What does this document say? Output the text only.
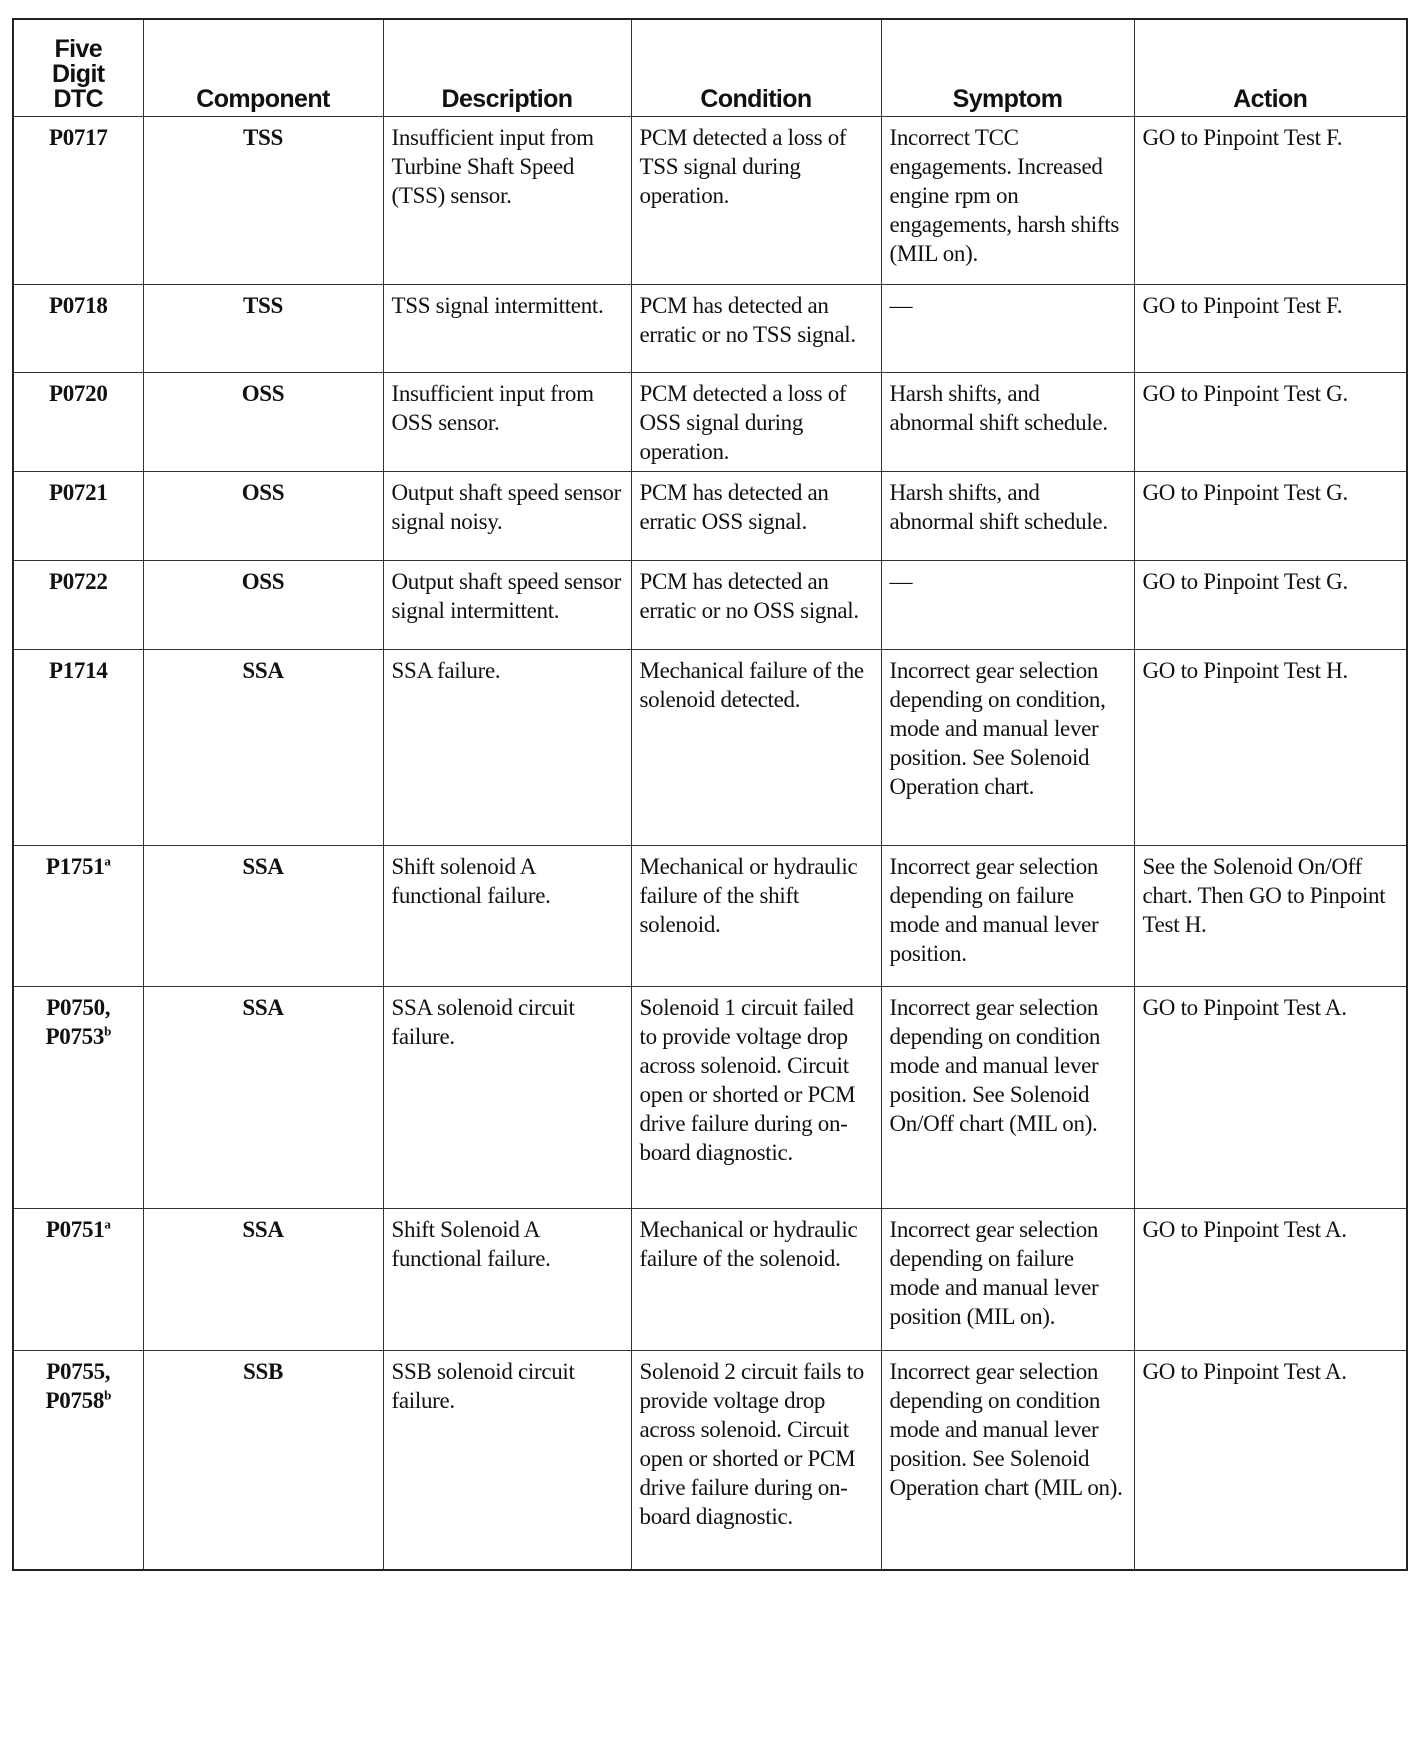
Five
Digit
DTC	Component	Description	Condition	Symptom	Action

P0717	TSS	Insufficient input from Turbine Shaft Speed (TSS) sensor.	PCM detected a loss of TSS signal during operation.	Incorrect TCC engagements. Increased engine rpm on engagements, harsh shifts (MIL on).	GO to Pinpoint Test F.

P0718	TSS	TSS signal intermittent.	PCM has detected an erratic or no TSS signal.	—	GO to Pinpoint Test F.

P0720	OSS	Insufficient input from OSS sensor.	PCM detected a loss of OSS signal during operation.	Harsh shifts, and abnormal shift schedule.	GO to Pinpoint Test G.

P0721	OSS	Output shaft speed sensor signal noisy.	PCM has detected an erratic OSS signal.	Harsh shifts, and abnormal shift schedule.	GO to Pinpoint Test G.

P0722	OSS	Output shaft speed sensor signal intermittent.	PCM has detected an erratic or no OSS signal.	—	GO to Pinpoint Test G.

P1714	SSA	SSA failure.	Mechanical failure of the solenoid detected.	Incorrect gear selection depending on condition, mode and manual lever position. See Solenoid Operation chart.	GO to Pinpoint Test H.

P1751$^a$	SSA	Shift solenoid A functional failure.	Mechanical or hydraulic failure of the shift solenoid.	Incorrect gear selection depending on failure mode and manual lever position.	See the Solenoid On/Off chart. Then GO to Pinpoint Test H.

P0750,
P0753$^b$	SSA	SSA solenoid circuit failure.	Solenoid 1 circuit failed to provide voltage drop across solenoid. Circuit open or shorted or PCM drive failure during on-board diagnostic.	Incorrect gear selection depending on condition mode and manual lever position. See Solenoid On/Off chart (MIL on).	GO to Pinpoint Test A.

P0751$^a$	SSA	Shift Solenoid A functional failure.	Mechanical or hydraulic failure of the solenoid.	Incorrect gear selection depending on failure mode and manual lever position (MIL on).	GO to Pinpoint Test A.

P0755,
P0758$^b$	SSB	SSB solenoid circuit failure.	Solenoid 2 circuit fails to provide voltage drop across solenoid. Circuit open or shorted or PCM drive failure during on-board diagnostic.	Incorrect gear selection depending on condition mode and manual lever position. See Solenoid Operation chart (MIL on).	GO to Pinpoint Test A.
